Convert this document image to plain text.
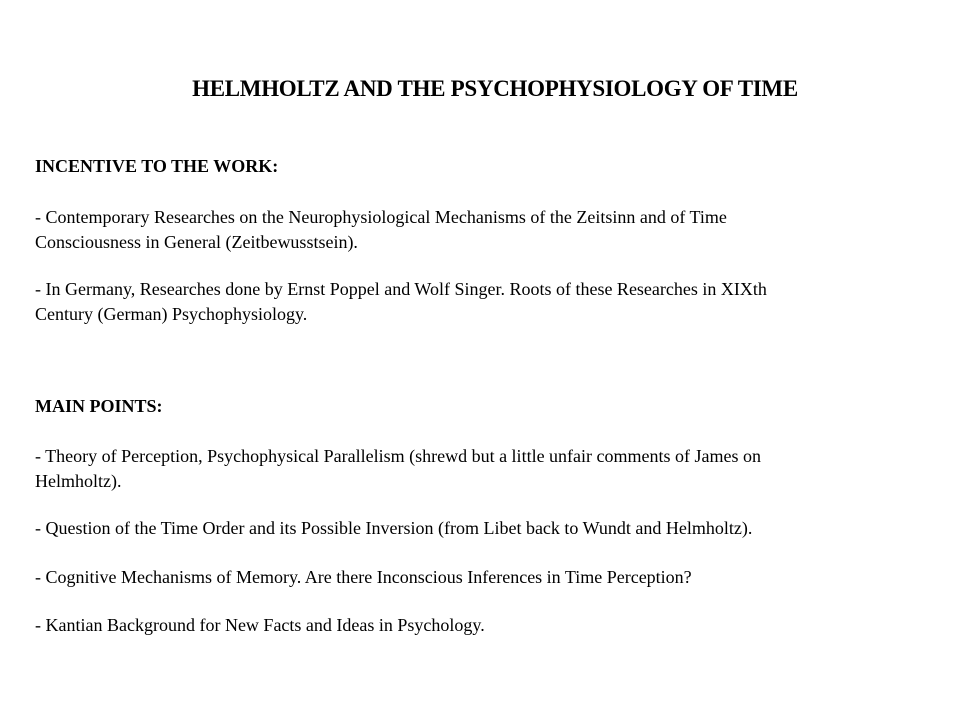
HELMHOLTZ AND THE PSYCHOPHYSIOLOGY OF TIME
INCENTIVE TO THE WORK:

- Contemporary Researches on the Neurophysiological Mechanisms of the Zeitsinn and of Time
Consciousness in General (Zeitbewusstsein).

- In Germany, Researches done by Ernst Poppel and Wolf Singer. Roots of these Researches in XIXth
Century (German) Psychophysiology.

MAIN POINTS:

- Theory of Perception, Psychophysical Parallelism (shrewd but a little unfair comments of James on
Helmholtz).

- Question of the Time Order and its Possible Inversion (from Libet back to Wundt and Helmholtz).

- Cognitive Mechanisms of Memory. Are there Inconscious Inferences in Time Perception?

- Kantian Background for New Facts and Ideas in Psychology.
